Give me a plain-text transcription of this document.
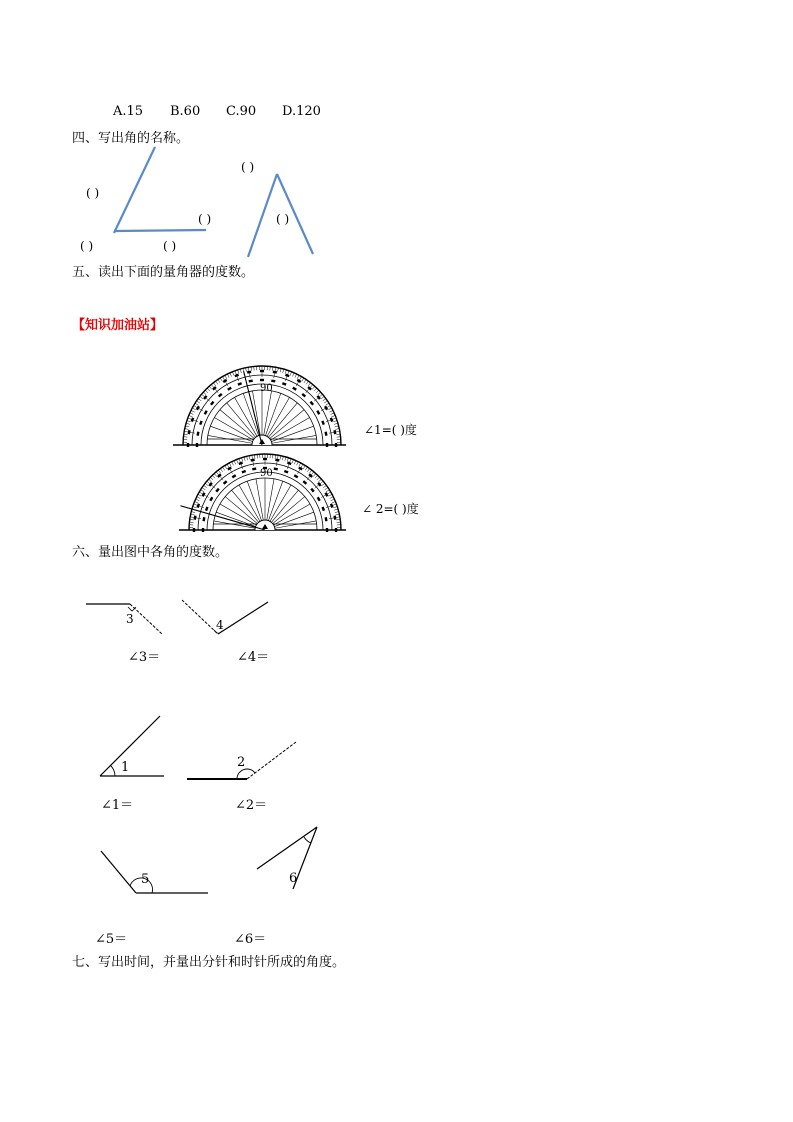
A.15 B.60 C.90 D.120
四、写出角的名称。
( )
( )
( )	( )
( )	( )
五、读出下面的量角器的度数。
【知识加油站】
90
90
∠1=( )度
∠ 2=( )度
六、量出图中各角的度数。
3	4
1	2
5	6
∠3＝	∠4＝
∠1＝	∠2＝
∠5＝	∠6＝
七、写出时间，并量出分针和时针所成的角度。
